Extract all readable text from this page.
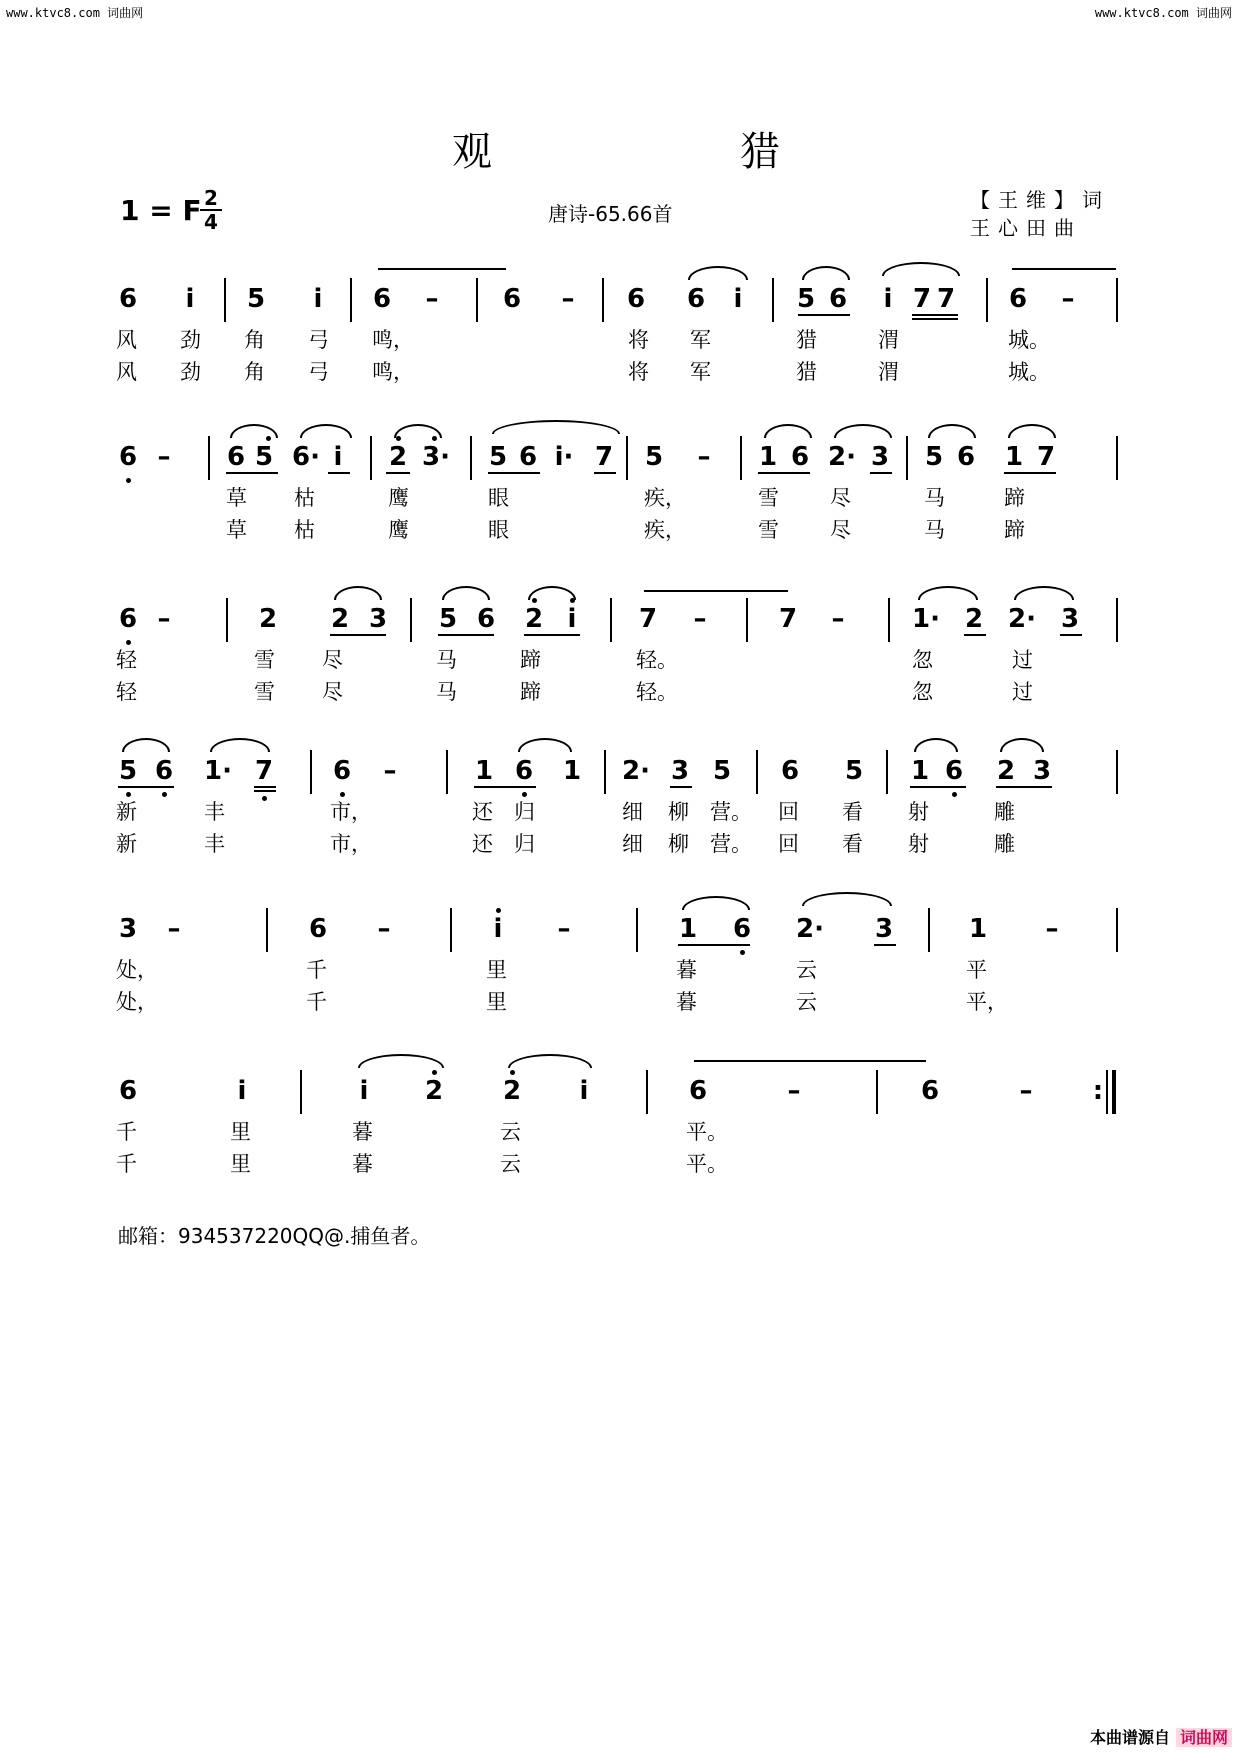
www.ktvc8.com 词曲网	www.ktvc8.com 词曲网
观	猎
1 = F 2
4	唐诗-65.66首
【王维】词
王心田曲
6 i 5 i 6 – 6 – 6 6 i 5 6 i 7 7 6 –
风 劲 角 弓 鸣，	将 军	猎	渭	城。
风 劲 角 弓 鸣，	将 军	猎	渭	城。
6 – 6 5 6· i 2 3· 5 6 i· 7 5 – 1 6 2· 3 5 6 1 7
草 枯	鹰	眼	疾，	雪 尽	马	蹄
草 枯	鹰	眼	疾，	雪 尽	马	蹄
6 –	2 2 3 5 6 2 i 7 –	7 –	1· 2 2· 3
轻	雪 尽	马	蹄	轻。	忽	过
轻	雪 尽	马	蹄	轻。	忽	过
5 6 1· 7 6 –	1 6 1 2· 3 5 6 5 1 6 2 3
新	丰	市，	还 归	细 柳 营。 回 看 射	雕
新	丰	市，	还 归	细 柳 营。 回 看 射	雕
3 –	6 –	i –	1 6 2· 3	1 –
处，	千	里	暮	云	平
处，	千	里	暮	云	平，
6	i	i 2 2 i	6	–	6	– :
千	里	暮	云	平。
千	里	暮	云	平。
邮箱：934537220QQ@.捕鱼者。
本曲谱源自 词曲网
